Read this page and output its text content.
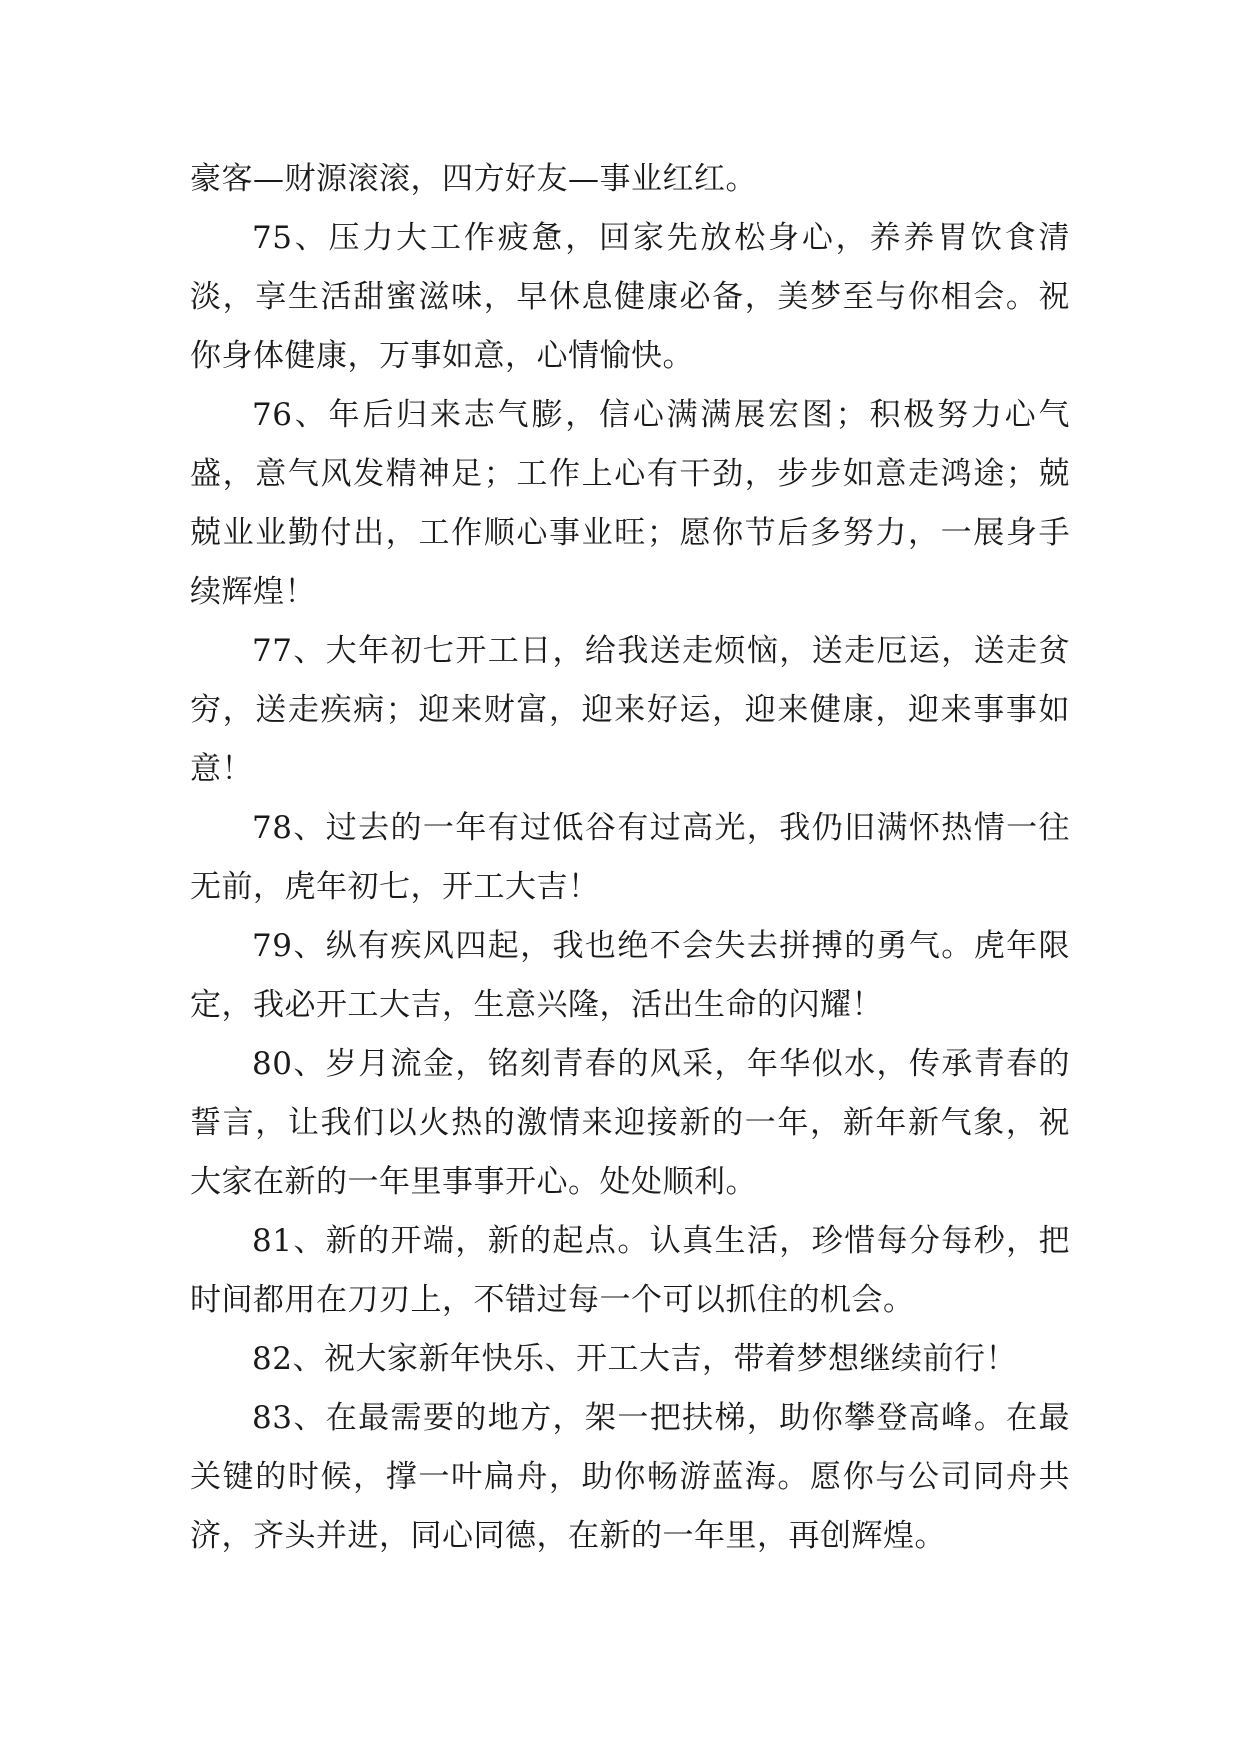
豪客—财源滚滚，四方好友—事业红红。

75、压力大工作疲惫，回家先放松身心，养养胃饮食清淡，享生活甜蜜滋味，早休息健康必备，美梦至与你相会。祝你身体健康，万事如意，心情愉快。

76、年后归来志气膨，信心满满展宏图；积极努力心气盛，意气风发精神足；工作上心有干劲，步步如意走鸿途；兢兢业业勤付出，工作顺心事业旺；愿你节后多努力，一展身手续辉煌！

77、大年初七开工日，给我送走烦恼，送走厄运，送走贫穷，送走疾病；迎来财富，迎来好运，迎来健康，迎来事事如意！

78、过去的一年有过低谷有过高光，我仍旧满怀热情一往无前，虎年初七，开工大吉！

79、纵有疾风四起，我也绝不会失去拼搏的勇气。虎年限定，我必开工大吉，生意兴隆，活出生命的闪耀！

80、岁月流金，铭刻青春的风采，年华似水，传承青春的誓言，让我们以火热的激情来迎接新的一年，新年新气象，祝大家在新的一年里事事开心。处处顺利。

81、新的开端，新的起点。认真生活，珍惜每分每秒，把时间都用在刀刃上，不错过每一个可以抓住的机会。

82、祝大家新年快乐、开工大吉，带着梦想继续前行！

83、在最需要的地方，架一把扶梯，助你攀登高峰。在最关键的时候，撑一叶扁舟，助你畅游蓝海。愿你与公司同舟共济，齐头并进，同心同德，在新的一年里，再创辉煌。
